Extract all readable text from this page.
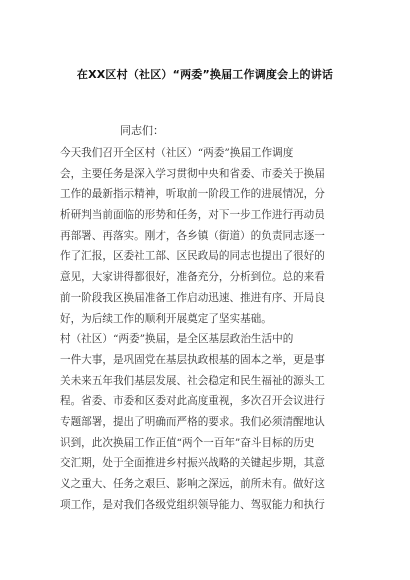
在XX区村（社区）“两委”换届工作调度会上的讲话
同志们：
今天我们召开全区村（社区）“两委”换届工作调度
会，主要任务是深入学习贯彻中央和省委、市委关于换届
工作的最新指示精神，听取前一阶段工作的进展情况，分
析研判当前面临的形势和任务，对下一步工作进行再动员
再部署、再落实。刚才，各乡镇（街道）的负责同志逐一
作了汇报，区委社工部、区民政局的同志也提出了很好的
意见，大家讲得都很好，准备充分，分析到位。总的来看
前一阶段我区换届准备工作启动迅速、推进有序、开局良
好，为后续工作的顺利开展奠定了坚实基础。
村（社区）“两委”换届，是全区基层政治生活中的
一件大事，是巩固党在基层执政根基的固本之举，更是事
关未来五年我们基层发展、社会稳定和民生福祉的源头工
程。省委、市委和区委对此高度重视，多次召开会议进行
专题部署，提出了明确而严格的要求。我们必须清醒地认
识到，此次换届工作正值“两个一百年”奋斗目标的历史
交汇期，处于全面推进乡村振兴战略的关键起步期，其意
义之重大、任务之艰巨、影响之深远，前所未有。做好这
项工作，是对我们各级党组织领导能力、驾驭能力和执行
